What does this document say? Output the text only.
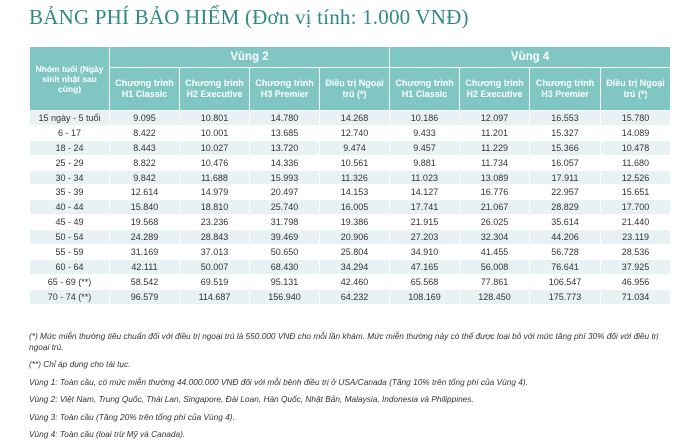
BẢNG PHÍ BẢO HIỂM (Đơn vị tính: 1.000 VNĐ)
Nhóm tuổi (Ngày sinh nhật sau cùng)	Vùng 2				Vùng 4			
	Chương trình H1 Classic	Chương trình H2 Executive	Chương trình H3 Premier	Điều trị Ngoại trú (*)	Chương trình H1 Classic	Chương trình H2 Executive	Chương trình H3 Premier	Điều trị Ngoại trú (*)
15 ngày - 5 tuổi	9.095	10.801	14.780	14.268	10.186	12.097	16.553	15.780
6 - 17	8.422	10.001	13.685	12.740	9.433	11.201	15.327	14.089
18 - 24	8.443	10.027	13.720	9.474	9.457	11.229	15.366	10.478
25 - 29	8.822	10.476	14.336	10.561	9.881	11.734	16.057	11.680
30 - 34	9.842	11.688	15.993	11.326	11.023	13.089	17.911	12.526
35 - 39	12.614	14.979	20.497	14.153	14.127	16.776	22.957	15.651
40 - 44	15.840	18.810	25.740	16.005	17.741	21.067	28.829	17.700
45 - 49	19.568	23.236	31.798	19.386	21.915	26.025	35.614	21.440
50 - 54	24.289	28.843	39.469	20.906	27.203	32.304	44.206	23.119
55 - 59	31.169	37.013	50.650	25.804	34.910	41.455	56.728	28.536
60 - 64	42.111	50.007	68.430	34.294	47.165	56.008	76.641	37.925
65 - 69 (**)	58.542	69.519	95.131	42.460	65.568	77.861	106.547	46.956
70 - 74 (**)	96.579	114.687	156.940	64.232	108.169	128.450	175.773	71.034

(*) Mức miễn thường tiêu chuẩn đối với điều trị ngoại trú là 550.000 VNĐ cho mỗi lần khám. Mức miễn thường này có thể được loại bỏ với mức tăng phí 30% đối với điều trị ngoại trú.

(**) Chỉ áp dụng cho tái tục.

Vùng 1: Toàn cầu, có mức miễn thường 44.000.000 VNĐ đối với mỗi bệnh điều trị ở USA/Canada (Tăng 10% trên tổng phí của Vùng 4).

Vùng 2: Việt Nam, Trung Quốc, Thái Lan, Singapore, Đài Loan, Hàn Quốc, Nhật Bản, Malaysia, Indonesia và Philippines.

Vùng 3: Toàn cầu (Tăng 20% trên tổng phí của Vùng 4).

Vùng 4: Toàn cầu (loại trừ Mỹ và Canada).
